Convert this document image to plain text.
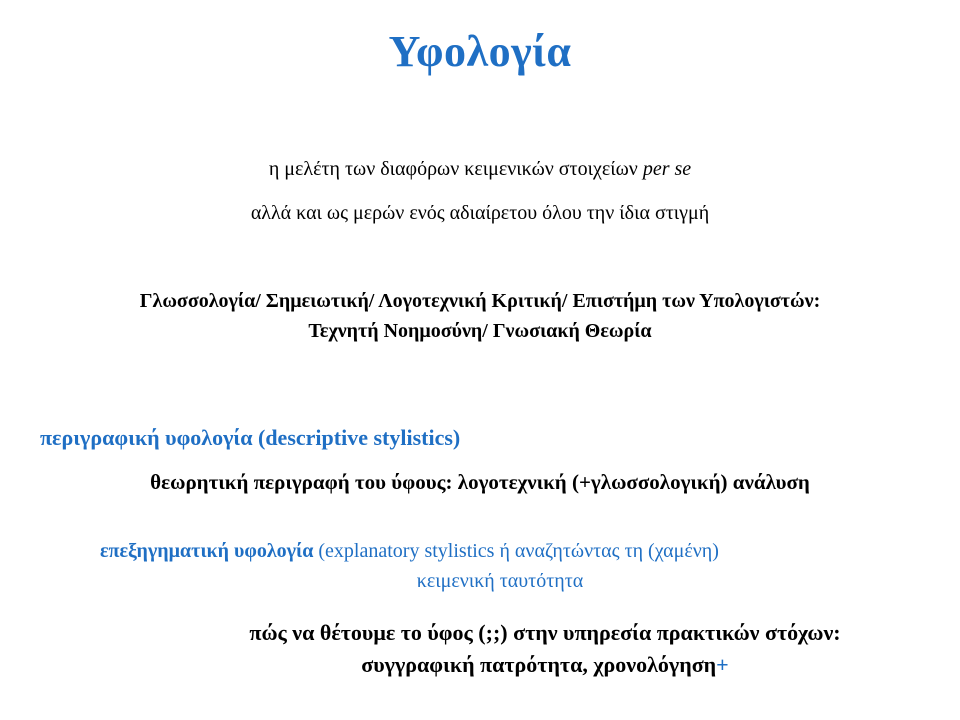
Υφολογία
η μελέτη των διαφόρων κειμενικών στοιχείων per se
αλλά και ως μερών ενός αδιαίρετου όλου την ίδια στιγμή
Γλωσσολογία/ Σημειωτική/ Λογοτεχνική Κριτική/ Επιστήμη των Υπολογιστών:
Τεχνητή Νοημοσύνη/ Γνωσιακή Θεωρία
περιγραφική υφολογία (descriptive stylistics)
θεωρητική περιγραφή του ύφους: λογοτεχνική (+γλωσσολογική) ανάλυση
επεξηγηματική υφολογία (explanatory stylistics ή αναζητώντας τη (χαμένη)
κειμενική ταυτότητα
πώς να θέτουμε το ύφος (;;) στην υπηρεσία πρακτικών στόχων:
συγγραφική πατρότητα, χρονολόγηση+
